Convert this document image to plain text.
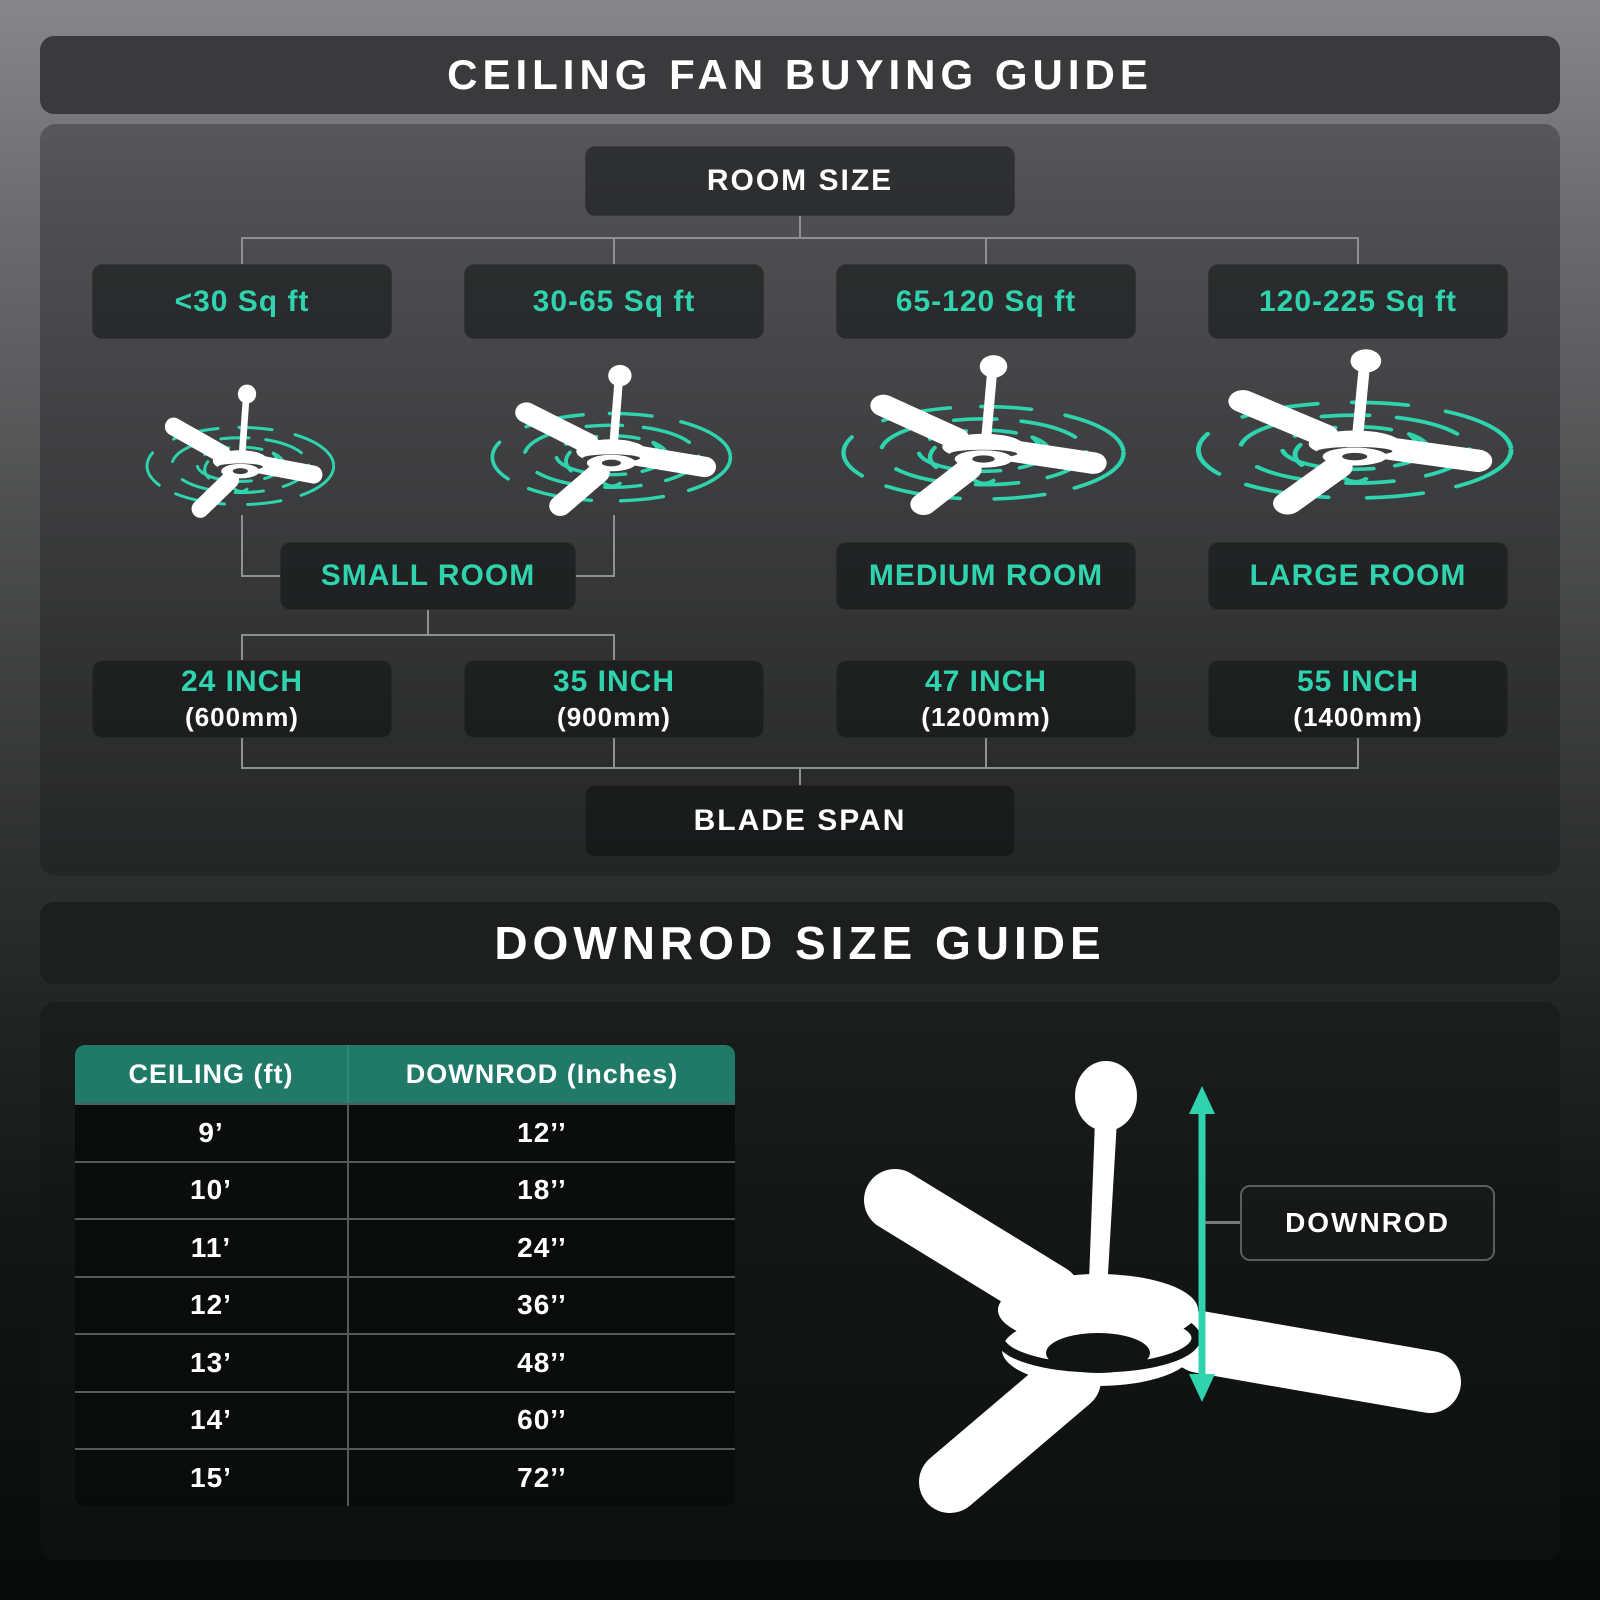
CEILING FAN BUYING GUIDE
ROOM SIZE
<30 Sq ft	30-65 Sq ft	65-120 Sq ft	120-225 Sq ft
SMALL ROOM	MEDIUM ROOM	LARGE ROOM
24 INCH
(600mm)
35 INCH
(900mm)
47 INCH
(1200mm)
55 INCH
(1400mm)
BLADE SPAN
DOWNROD SIZE GUIDE
CEILING (ft)	DOWNROD (Inches)
9’	12’’
10’	18’’
11’	24’’
12’	36’’
13’	48’’
14’	60’’
15’	72’’
DOWNROD
